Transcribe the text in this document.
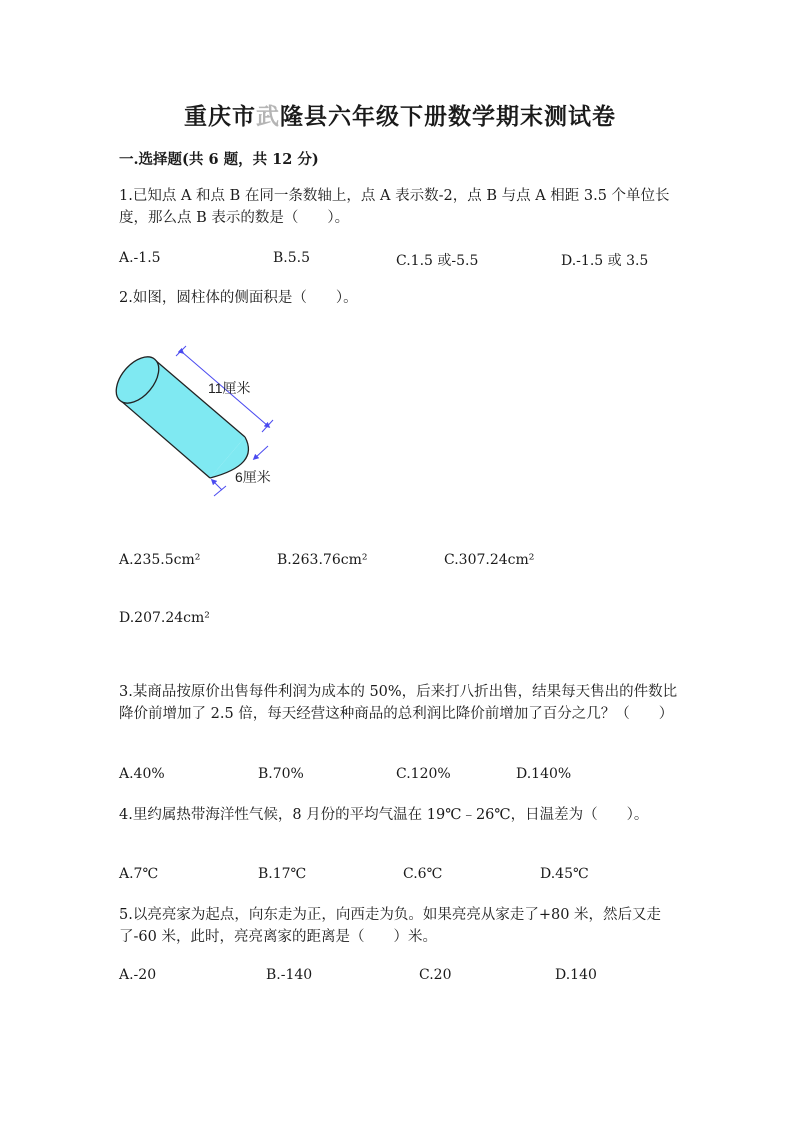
重庆市武隆县六年级下册数学期末测试卷
一.选择题(共 6 题，共 12 分)
1.已知点 A 和点 B 在同一条数轴上，点 A 表示数-2，点 B 与点 A 相距 3.5 个单位长度，那么点 B 表示的数是（　　）。
A.-1.5	B.5.5	C.1.5 或-5.5	D.-1.5 或 3.5
2.如图，圆柱体的侧面积是（　　）。
11厘米
6厘米
A.235.5cm²	B.263.76cm²	C.307.24cm²
D.207.24cm²
3.某商品按原价出售每件利润为成本的 50%，后来打八折出售，结果每天售出的件数比降价前增加了 2.5 倍，每天经营这种商品的总利润比降价前增加了百分之几？（　　）
A.40%	B.70%	C.120%	D.140%
4.里约属热带海洋性气候，8 月份的平均气温在 19℃﹣26℃，日温差为（　　）。
A.7℃	B.17℃	C.6℃	D.45℃
5.以亮亮家为起点，向东走为正，向西走为负。如果亮亮从家走了+80 米，然后又走了-60 米，此时，亮亮离家的距离是（　　）米。
A.-20	B.-140	C.20	D.140
